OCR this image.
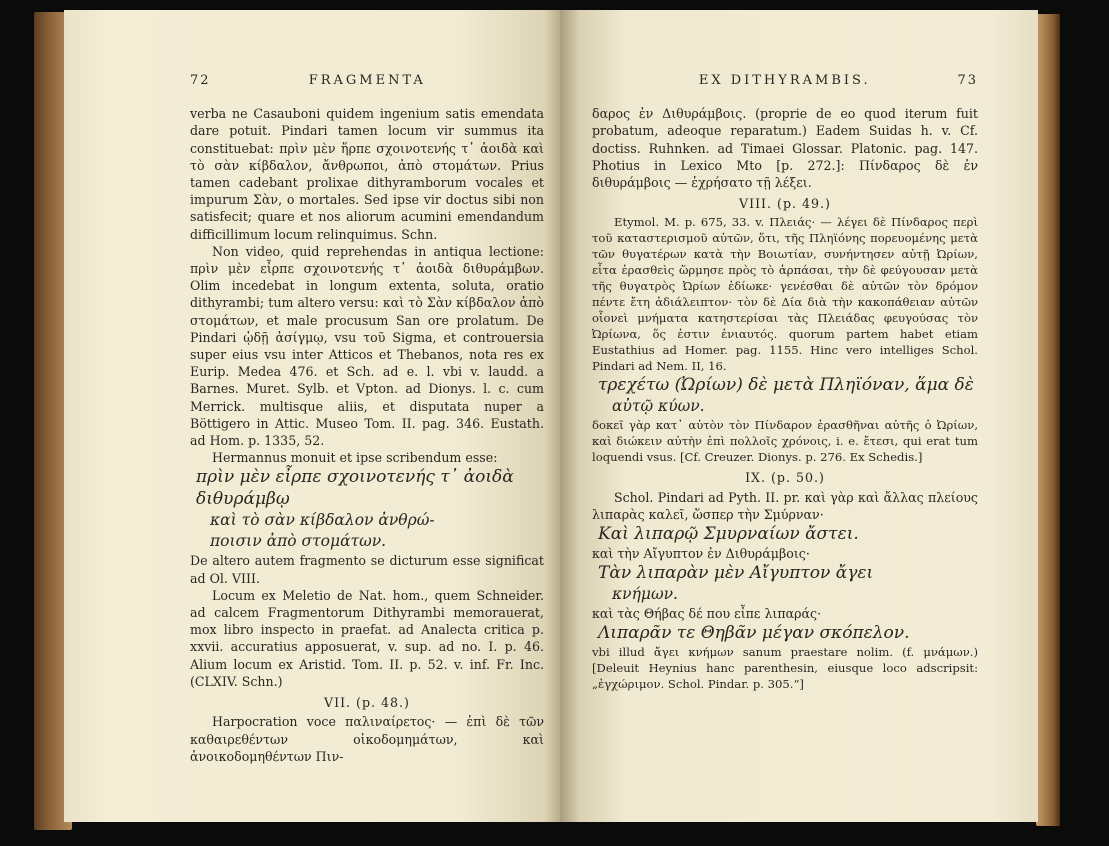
72	FRAGMENTA

verba ne Casauboni quidem ingenium satis emendata dare potuit. Pindari tamen locum vir summus ita constituebat: πρὶν μὲν ἥρπε σχοινοτενής τ᾽ ἀοιδὰ καὶ τὸ σὰν κίβδαλον, ἄνθρωποι, ἀπὸ στομάτων. Prius tamen cadebant prolixae dithyramborum vocales et impurum Σὰν, o mortales. Sed ipse vir doctus sibi non satisfecit; quare et nos aliorum acumini emendandum difficillimum locum relinquimus. Schn.

Non video, quid reprehendas in antiqua lectione: πρὶν μὲν εἶρπε σχοινοτενής τ᾽ ἀοιδὰ διθυράμβων. Olim incedebat in longum extenta, soluta, oratio dithyrambi; tum altero versu: καὶ τὸ Σὰν κίβδαλον ἀπὸ στομάτων, et male procusum San ore prolatum. De Pindari ᾠδῇ ἀσίγμῳ, vsu τοῦ Sigma, et controuersia super eius vsu inter Atticos et Thebanos, nota res ex Eurip. Medea 476. et Sch. ad e. l. vbi v. laudd. a Barnes. Muret. Sylb. et Vpton. ad Dionys. l. c. cum Merrick. multisque aliis, et disputata nuper a Böttigero in Attic. Museo Tom. II. pag. 346. Eustath. ad Hom. p. 1335, 52.

Hermannus monuit et ipse scribendum esse:

πρὶν μὲν εἶρπε σχοινοτενής τ᾽ ἀοιδὰ διθυράμβῳ

καὶ τὸ σὰν κίβδαλον ἀνθρώ-

ποισιν ἀπὸ στομάτων.

De altero autem fragmento se dicturum esse significat ad Ol. VIII.

Locum ex Meletio de Nat. hom., quem Schneider. ad calcem Fragmentorum Dithyrambi memorauerat, mox libro inspecto in praefat. ad Analecta critica p. xxvii. accuratius apposuerat, v. sup. ad no. I. p. 46. Alium locum ex Aristid. Tom. II. p. 52. v. inf. Fr. Inc. (CLXIV. Schn.)

VII. (p. 48.)

Harpocration voce παλιναίρετος· — ἐπὶ δὲ τῶν καθαιρεθέντων οἰκοδομημάτων, καὶ ἀνοικοδομηθέντων Πιν-

EX DITHYRAMBIS.	73

δαρος ἐν Διθυράμβοις. (proprie de eo quod iterum fuit probatum, adeoque reparatum.) Eadem Suidas h. v. Cf. doctiss. Ruhnken. ad Timaei Glossar. Platonic. pag. 147. Photius in Lexico Mto [p. 272.]: Πίνδαρος δὲ ἐν διθυράμβοις — ἐχρήσατο τῇ λέξει.

VIII. (p. 49.)

Etymol. M. p. 675, 33. v. Πλειάς· — λέγει δὲ Πίνδαρος περὶ τοῦ καταστερισμοῦ αὐτῶν, ὅτι, τῆς Πληϊόνης πορευομένης μετὰ τῶν θυγατέρων κατὰ τὴν Βοιωτίαν, συνήντησεν αὐτῇ Ὠρίων, εἶτα ἐρασθεὶς ὥρμησε πρὸς τὸ ἁρπάσαι, τὴν δὲ φεύγουσαν μετὰ τῆς θυγατρὸς Ὠρίων ἐδίωκε· γενέσθαι δὲ αὐτῶν τὸν δρόμον πέντε ἔτη ἀδιάλειπτον· τὸν δὲ Δία διὰ τὴν κακοπάθειαν αὐτῶν οἷονεὶ μνήματα κατηστερίσαι τὰς Πλειάδας φευγούσας τὸν Ὠρίωνα, ὅς ἐστιν ἐνιαυτός. quorum partem habet etiam Eustathius ad Homer. pag. 1155. Hinc vero intelliges Schol. Pindari ad Nem. II, 16.

τρεχέτω (Ὠρίων) δὲ μετὰ Πληϊόναν, ἅμα δὲ

αὐτῷ κύων.

δοκεῖ γὰρ κατ᾽ αὐτὸν τὸν Πίνδαρον ἐρασθῆναι αὐτῆς ὁ Ὠρίων, καὶ διώκειν αὐτὴν ἐπὶ πολλοῖς χρόνοις, i. e. ἔτεσι, qui erat tum loquendi vsus. [Cf. Creuzer. Dionys. p. 276. Ex Schedis.]

IX. (p. 50.)

Schol. Pindari ad Pyth. II. pr. καὶ γὰρ καὶ ἄλλας πλείους λιπαρὰς καλεῖ, ὥσπερ τὴν Σμύρναν·

Καὶ λιπαρῷ Σμυρναίων ἄστει.

καὶ τὴν Αἴγυπτον ἐν Διθυράμβοις·

Τὰν λιπαρὰν μὲν Αἴγυπτον ἄγει

κνήμων.

καὶ τὰς Θήβας δέ που εἶπε λιπαράς·

Λιπαρᾶν τε Θηβᾶν μέγαν σκόπελον.

vbi illud ἄγει κνήμων sanum praestare nolim. (f. μνάμων.) [Deleuit Heynius hanc parenthesin, eiusque loco adscripsit: „ἐγχώριμον. Schol. Pindar. p. 305.“]
